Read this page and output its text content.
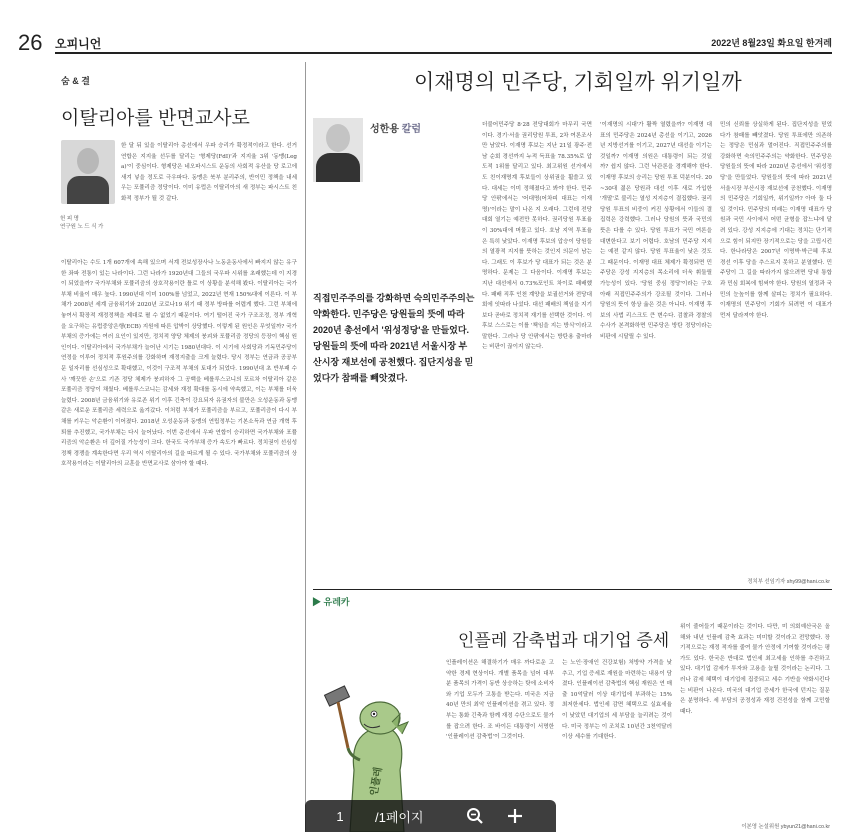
26 오피니언	2022년 8월23일 화요일 한겨레
숨 & 결
이탈리아를 반면교사로
헌 피 명
연구원 노 드 식 가
한 달 뒤 있을 이탈리아 총선에서 우파 승리가 확정적이라고 한다. 선거연합은 지지율 선두를 달리는 '형제당(FdI)'과 지지율 3위 '동맹(Lega)'이 중심이다. 형제당은 네오파시스트 운동의 사회적 유산을 당 로고에 새겨 넣을 정도로 극우파다. 동맹은 북부 분리주의, 반이민 정책을 내세우는 포퓰리즘 정당이다. 이미 유럽은 이탈리아의 새 정부는 파시스트 친화적 정부가 될 것 같다.
이탈리아는 수도 1개 607개에 속해 있으며 서계 전보성장사나 노동운동사에서 빠지지 않는 유구한 좌파 전통이 있는 나라이다. 그런 나라가 1920년대 그들의 국우파 시위를 초래했는데 이 지경이 되었을까? 국가부채와 포퓰리즘의 상호작용이란 틀로 이 상황을 분석해 봤다. 이탈리아는 국가부채 비율이 매우 높다. 1990년대 이미 100%를 넘었고, 2022년 현재 150%대에 이른다. 이 부채가 2008년 세계 금융위기와 2020년 코로나19 위기 때 정부 방파를 어렵게 했다. 그런 부채에 놓여서 확장적 재정정책을 제대로 펼 수 없었기 때문이다. 여기 떨어진 국가 구조조정, 정부 개혁을 요구하는 유럽중앙은행(ECB) 지원에 따른 압박이 상당했다. 이렇게 된 원인은 무엇일까? 국가부채의 증가에는 여러 요인이 있지만, 정치적 양당 체제의 붕괴와 포퓰리즘 정당의 등장이 핵심 원인이다. 이탈리아에서 국가부채가 늘어난 시기는 1980년대다. 이 시기에 사회당과 기독민주당이 연정을 이루어 정치적 후원주의를 강화하며 재정지출을 크게 늘렸다. 당시 정부는 연금과 공공부문 일자리를 선심성으로 확대했고, 이것이 구조적 부채의 토대가 되었다. 1990년대 초 반부패 수사 '깨끗한 손'으로 기존 정당 체제가 붕괴하자 그 공백을 베를루스코니의 포르차 이탈리아 같은 포퓰리즘 정당이 채웠다. 베를루스코니는 감세와 재정 확대를 동시에 약속했고, 이는 부채를 더욱 늘렸다. 2008년 금융위기와 유로존 위기 이후 긴축이 강요되자 유권자의 불만은 오성운동과 동맹 같은 새로운 포퓰리즘 세력으로 옮겨갔다. 이처럼 부채가 포퓰리즘을 부르고, 포퓰리즘이 다시 부채를 키우는 악순환이 이어졌다. 2018년 오성운동과 동맹의 연립정부는 기본소득과 연금 개혁 후퇴를 추진했고, 국가부채는 다시 늘어났다. 이번 총선에서 우파 연합이 승리하면 국가부채와 포퓰리즘의 악순환은 더 깊어질 가능성이 크다. 한국도 국가부채 증가 속도가 빠르다. 정치권이 선심성 정책 경쟁을 계속한다면 우리 역시 이탈리아의 길을 따르게 될 수 있다. 국가부채와 포퓰리즘의 상호작용이라는 이탈리아의 교훈을 반면교사로 삼아야 할 때다.
이재명의 민주당, 기회일까 위기일까
성한용 칼럼
직접민주주의를 강화하면 숙의민주주의는 약화한다. 민주당은 당원들의 뜻에 따라 2020년 총선에서 '위성정당'을 만들었다. 당원들의 뜻에 따라 2021년 서울시장 부산시장 재보선에 공천했다. 집단지성을 믿었다가 참패를 빼앗겼다.
더불어민주당 8·28 전당대회가 마무리 국면이다. 경기·서울 권리당원 투표, 2차 여론조사만 남았다. 이재명 후보는 지난 21일 광주·전남 순회 경선까지 누적 득표율 78.35%로 압도적 1위를 달리고 있다. 최고위원 선거에서도 친이재명계 후보들이 상위권을 휩쓸고 있다. 대세는 이미 정해졌다고 봐야 한다. 민주당 안팎에서는 '어대명(어차피 대표는 이재명)'이라는 말이 나온 지 오래다. 그런데 전당대회 열기는 예전만 못하다. 권리당원 투표율이 30%대에 머물고 있다. 호남 지역 투표율은 특히 낮았다. 이재명 후보의 압승이 당원들의 열광적 지지를 뜻하는 것인지 의문이 남는다. 그래도 이 후보가 당 대표가 되는 것은 분명하다. 문제는 그 다음이다. 이재명 후보는 지난 대선에서 0.73%포인트 차이로 패배했다. 패배 직후 인천 계양을 보궐선거와 전당대회에 잇따라 나섰다. 대선 패배의 책임을 지기보다 곧바로 정치적 재기를 선택한 것이다. 이 후보 스스로는 이를 '책임을 지는 방식'이라고 말한다. 그러나 당 안팎에서는 방탄용 출마라는 비판이 끊이지 않는다.
'이재명의 시대'가 활짝 열렸을까? 이재명 대표의 민주당은 2024년 총선을 이기고, 2026년 지방선거를 이기고, 2027년 대선을 이기는 것일까? 이재명 의원은 대통령이 되는 것일까? 쉽지 않다. 그런 낙관론을 경계해야 한다. 이재명 후보의 승리는 당원 투표 덕분이다. 20~30대 젊은 당원과 대선 이후 새로 가입한 '개딸'로 불리는 열성 지지층이 결집했다. 권리당원 투표의 비중이 커진 상황에서 이들의 결집력은 강력했다. 그러나 당원의 뜻과 국민의 뜻은 다를 수 있다. 당원 투표가 국민 여론을 대변한다고 보기 어렵다. 호남의 민주당 지지는 예전 같지 않다. 당원 투표율이 낮은 것도 그 때문이다. 이재명 대표 체제가 확정되면 민주당은 강성 지지층의 목소리에 더욱 휘둘릴 가능성이 있다. '당원 중심 정당'이라는 구호 아래 직접민주주의가 강조될 것이다. 그러나 당원의 뜻이 항상 옳은 것은 아니다. 이재명 후보의 사법 리스크도 큰 변수다. 검찰과 경찰의 수사가 본격화하면 민주당은 방탄 정당이라는 비판에 시달릴 수 있다.
민의 신뢰를 상실하게 된다. 집단지성을 믿었다가 참패를 빼앗겼다. 당원 투표에만 의존하는 정당은 민심과 멀어진다. 직접민주주의를 강화하면 숙의민주주의는 약화한다. 민주당은 당원들의 뜻에 따라 2020년 총선에서 '위성정당'을 만들었다. 당원들의 뜻에 따라 2021년 서울시장 부산시장 재보선에 공천했다. 이재명의 민주당은 기회일까, 위기일까? 아마 둘 다일 것이다. 민주당의 미래는 이재명 대표가 당원과 국민 사이에서 어떤 균형을 잡느냐에 달려 있다. 강성 지지층에 기대는 정치는 단기적으로 힘이 되지만 장기적으로는 당을 고립시킨다. 한나라당은 2007년 이명박·박근혜 후보 경선 이후 당을 추스르지 못하고 분열했다. 민주당이 그 길을 따라가지 않으려면 당내 통합과 민심 회복에 힘써야 한다. 당원의 열정과 국민의 눈높이를 함께 살피는 정치가 필요하다. 이재명의 민주당이 기회가 되려면 이 대표가 먼저 달라져야 한다.
정치부 선임기자 shy99@hani.co.kr
▶ 유레카
인플레 감축법과 대기업 증세
인플레
인플레이션은 해결하기가 매우 까다로운 고약한 경제 현상이다. 개별 품목을 넘어 대부분 품목의 가격이 동반 상승하는 탓에 소비자와 기업 모두가 고통을 받는다. 미국은 지금 40년 만의 최악 인플레이션을 겪고 있다. 정부는 통화 긴축과 함께 재정 수단으로도 물가를 잡으려 한다. 조 바이든 대통령이 서명한 '인플레이션 감축법'이 그것이다.
는 노인·장애인 건강보험) 처방약 가격을 낮추고, 기업 증세로 재원을 마련하는 내용이 담겼다. 인플레이션 감축법의 핵심 재원은 연 매출 10억달러 이상 대기업에 부과하는 15% 최저한세다. 법인세 감면 혜택으로 실효세율이 낮았던 대기업의 세 부담을 늘리려는 것이다. 미국 정부는 이 조치로 10년간 3천억달러 이상 세수를 기대한다.
위이 줄어들기 때문이라는 것이다. 다만, 미 의회예산국은 올해와 내년 인플레 감축 효과는 미미할 것이라고 전망했다. 장기적으로는 재정 적자를 줄여 물가 안정에 기여할 것이라는 평가도 있다. 한국은 반대로 법인세 최고세율 인하를 추진하고 있다. 대기업 감세가 투자와 고용을 늘릴 것이라는 논리다. 그러나 감세 혜택이 대기업에 집중되고 세수 기반을 약화시킨다는 비판이 나온다. 미국의 대기업 증세가 한국에 던지는 질문은 분명하다. 세 부담의 공정성과 재정 건전성을 함께 고민할 때다.
이본영 논설위원 ybyun21@hani.co.kr
1	/1페이지
